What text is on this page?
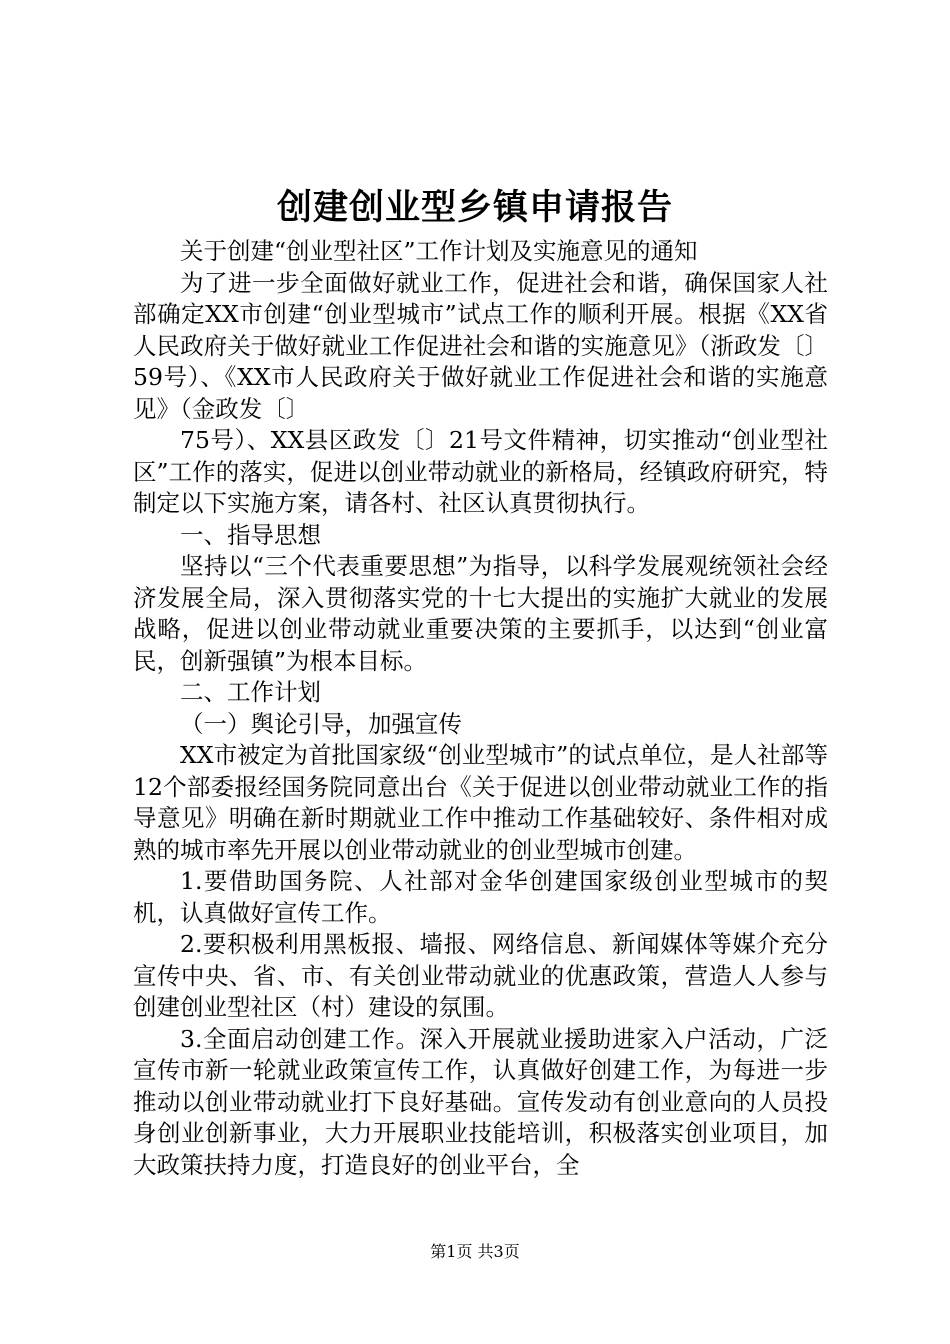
创建创业型乡镇申请报告

关于创建“创业型社区”工作计划及实施意见的通知

为了进一步全面做好就业工作，促进社会和谐，确保国家人社部确定XX市创建“创业型城市”试点工作的顺利开展。根据《XX省人民政府关于做好就业工作促进社会和谐的实施意见》（浙政发〔〕59号）、《XX市人民政府关于做好就业工作促进社会和谐的实施意见》（金政发〔〕

75号）、XX县区政发〔〕21号文件精神，切实推动“创业型社区”工作的落实，促进以创业带动就业的新格局，经镇政府研究，特制定以下实施方案，请各村、社区认真贯彻执行。

一、指导思想

坚持以“三个代表重要思想”为指导，以科学发展观统领社会经济发展全局，深入贯彻落实党的十七大提出的实施扩大就业的发展战略，促进以创业带动就业重要决策的主要抓手，以达到“创业富民，创新强镇”为根本目标。

二、工作计划

（一）舆论引导，加强宣传

XX市被定为首批国家级“创业型城市”的试点单位，是人社部等12个部委报经国务院同意出台《关于促进以创业带动就业工作的指导意见》明确在新时期就业工作中推动工作基础较好、条件相对成熟的城市率先开展以创业带动就业的创业型城市创建。

1.要借助国务院、人社部对金华创建国家级创业型城市的契机，认真做好宣传工作。

2.要积极利用黑板报、墙报、网络信息、新闻媒体等媒介充分宣传中央、省、市、有关创业带动就业的优惠政策，营造人人参与创建创业型社区（村）建设的氛围。

3.全面启动创建工作。深入开展就业援助进家入户活动，广泛宣传市新一轮就业政策宣传工作，认真做好创建工作，为每进一步推动以创业带动就业打下良好基础。宣传发动有创业意向的人员投身创业创新事业，大力开展职业技能培训，积极落实创业项目，加大政策扶持力度，打造良好的创业平台，全

第1页 共3页
